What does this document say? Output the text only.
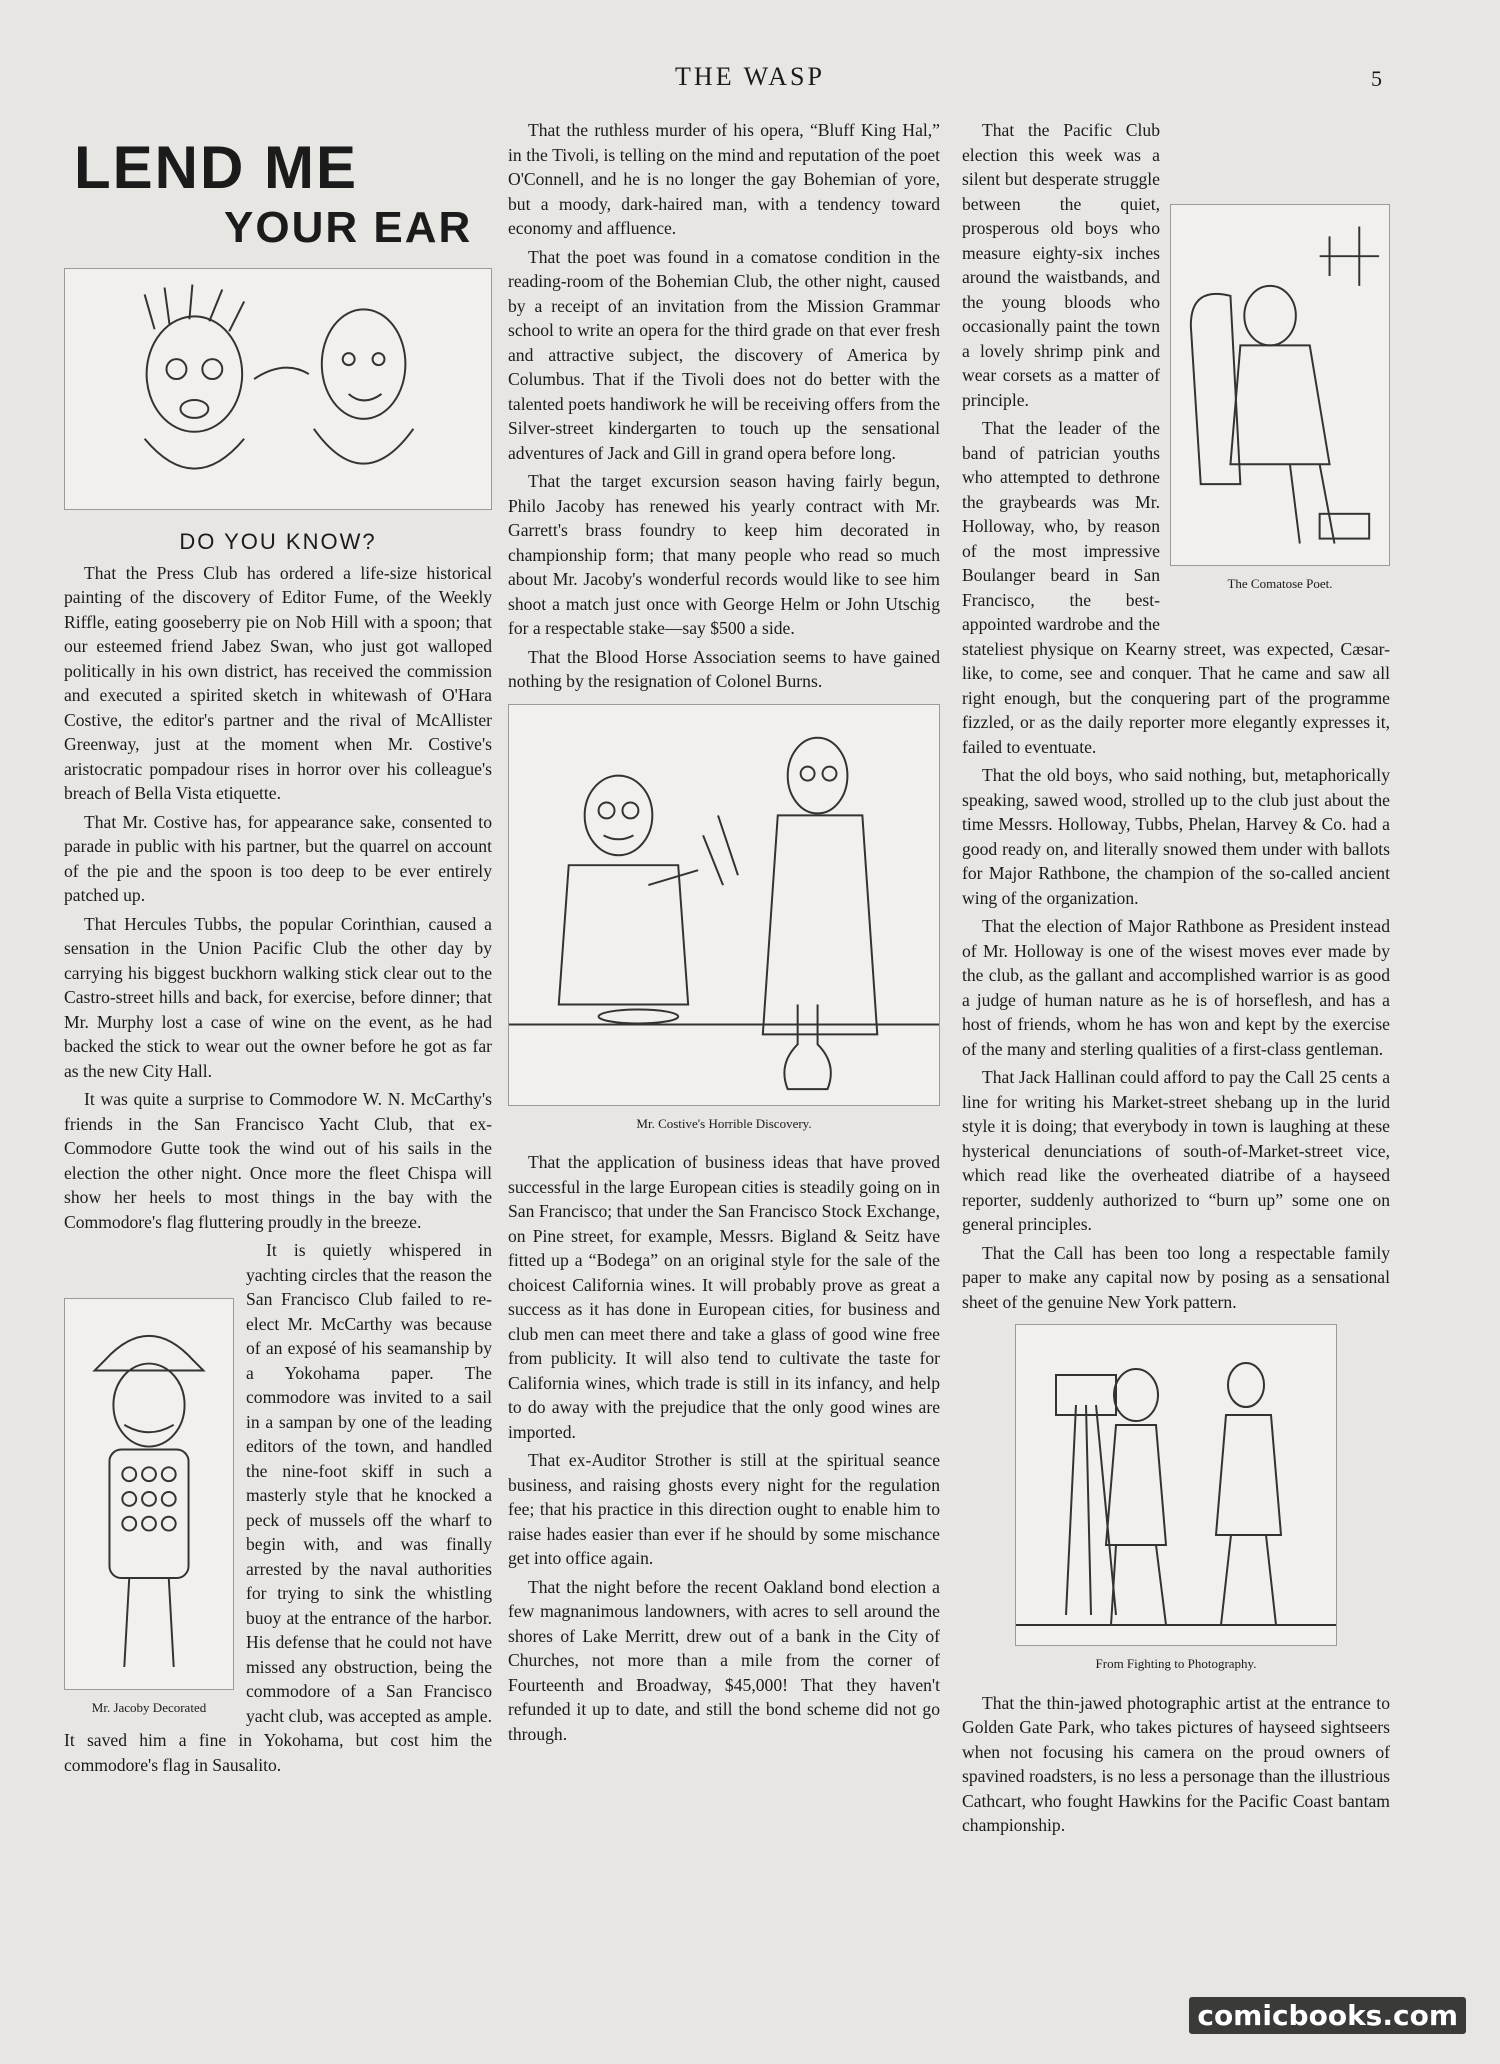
THE WASP	5
LEND ME
YOUR EAR
DO YOU KNOW?

That the Press Club has ordered a life-size historical painting of the discovery of Editor Fume, of the Weekly Riffle, eating gooseberry pie on Nob Hill with a spoon; that our esteemed friend Jabez Swan, who just got walloped politically in his own district, has received the commission and executed a spirited sketch in whitewash of O'Hara Costive, the editor's partner and the rival of McAllister Greenway, just at the moment when Mr. Costive's aristocratic pompadour rises in horror over his colleague's breach of Bella Vista etiquette.

That Mr. Costive has, for appearance sake, consented to parade in public with his partner, but the quarrel on account of the pie and the spoon is too deep to be ever entirely patched up.

That Hercules Tubbs, the popular Corinthian, caused a sensation in the Union Pacific Club the other day by carrying his biggest buckhorn walking stick clear out to the Castro-street hills and back, for exercise, before dinner; that Mr. Murphy lost a case of wine on the event, as he had backed the stick to wear out the owner before he got as far as the new City Hall.

It was quite a surprise to Commodore W. N. McCarthy's friends in the San Francisco Yacht Club, that ex-Commodore Gutte took the wind out of his sails in the election the other night. Once more the fleet Chispa will show her heels to most things in the bay with the Commodore's flag fluttering proudly in the breeze.

Mr. Jacoby Decorated

It is quietly whispered in yachting circles that the reason the San Francisco Club failed to re-elect Mr. McCarthy was because of an exposé of his seamanship by a Yokohama paper. The commodore was invited to a sail in a sampan by one of the leading editors of the town, and handled the nine-foot skiff in such a masterly style that he knocked a peck of mussels off the wharf to begin with, and was finally arrested by the naval authorities for trying to sink the whistling buoy at the entrance of the harbor. His defense that he could not have missed any obstruction, being the commodore of a San Francisco yacht club, was accepted as ample. It saved him a fine in Yokohama, but cost him the commodore's flag in Sausalito.

That the ruthless murder of his opera, “Bluff King Hal,” in the Tivoli, is telling on the mind and reputation of the poet O'Connell, and he is no longer the gay Bohemian of yore, but a moody, dark-haired man, with a tendency toward economy and affluence.

That the poet was found in a comatose condition in the reading-room of the Bohemian Club, the other night, caused by a receipt of an invitation from the Mission Grammar school to write an opera for the third grade on that ever fresh and attractive subject, the discovery of America by Columbus. That if the Tivoli does not do better with the talented poets handiwork he will be receiving offers from the Silver-street kindergarten to touch up the sensational adventures of Jack and Gill in grand opera before long.

That the target excursion season having fairly begun, Philo Jacoby has renewed his yearly contract with Mr. Garrett's brass foundry to keep him decorated in championship form; that many people who read so much about Mr. Jacoby's wonderful records would like to see him shoot a match just once with George Helm or John Utschig for a respectable stake—say $500 a side.

That the Blood Horse Association seems to have gained nothing by the resignation of Colonel Burns.

Mr. Costive's Horrible Discovery.

That the application of business ideas that have proved successful in the large European cities is steadily going on in San Francisco; that under the San Francisco Stock Exchange, on Pine street, for example, Messrs. Bigland & Seitz have fitted up a “Bodega” on an original style for the sale of the choicest California wines. It will probably prove as great a success as it has done in European cities, for business and club men can meet there and take a glass of good wine free from publicity. It will also tend to cultivate the taste for California wines, which trade is still in its infancy, and help to do away with the prejudice that the only good wines are imported.

That ex-Auditor Strother is still at the spiritual seance business, and raising ghosts every night for the regulation fee; that his practice in this direction ought to enable him to raise hades easier than ever if he should by some mischance get into office again.

That the night before the recent Oakland bond election a few magnanimous landowners, with acres to sell around the shores of Lake Merritt, drew out of a bank in the City of Churches, not more than a mile from the corner of Fourteenth and Broadway, $45,000! That they haven't refunded it up to date, and still the bond scheme did not go through.

The Comatose Poet.

That the Pacific Club election this week was a silent but desperate struggle between the quiet, prosperous old boys who measure eighty-six inches around the waistbands, and the young bloods who occasionally paint the town a lovely shrimp pink and wear corsets as a matter of principle.

That the leader of the band of patrician youths who attempted to dethrone the graybeards was Mr. Holloway, who, by reason of the most impressive Boulanger beard in San Francisco, the best-appointed wardrobe and the stateliest physique on Kearny street, was expected, Cæsar-like, to come, see and conquer. That he came and saw all right enough, but the conquering part of the programme fizzled, or as the daily reporter more elegantly expresses it, failed to eventuate.

That the old boys, who said nothing, but, metaphorically speaking, sawed wood, strolled up to the club just about the time Messrs. Holloway, Tubbs, Phelan, Harvey & Co. had a good ready on, and literally snowed them under with ballots for Major Rathbone, the champion of the so-called ancient wing of the organization.

That the election of Major Rathbone as President instead of Mr. Holloway is one of the wisest moves ever made by the club, as the gallant and accomplished warrior is as good a judge of human nature as he is of horseflesh, and has a host of friends, whom he has won and kept by the exercise of the many and sterling qualities of a first-class gentleman.

That Jack Hallinan could afford to pay the Call 25 cents a line for writing his Market-street shebang up in the lurid style it is doing; that everybody in town is laughing at these hysterical denunciations of south-of-Market-street vice, which read like the overheated diatribe of a hayseed reporter, suddenly authorized to “burn up” some one on general principles.

That the Call has been too long a respectable family paper to make any capital now by posing as a sensational sheet of the genuine New York pattern.

From Fighting to Photography.

That the thin-jawed photographic artist at the entrance to Golden Gate Park, who takes pictures of hayseed sightseers when not focusing his camera on the proud owners of spavined roadsters, is no less a personage than the illustrious Cathcart, who fought Hawkins for the Pacific Coast bantam championship.

comicbooks.com
